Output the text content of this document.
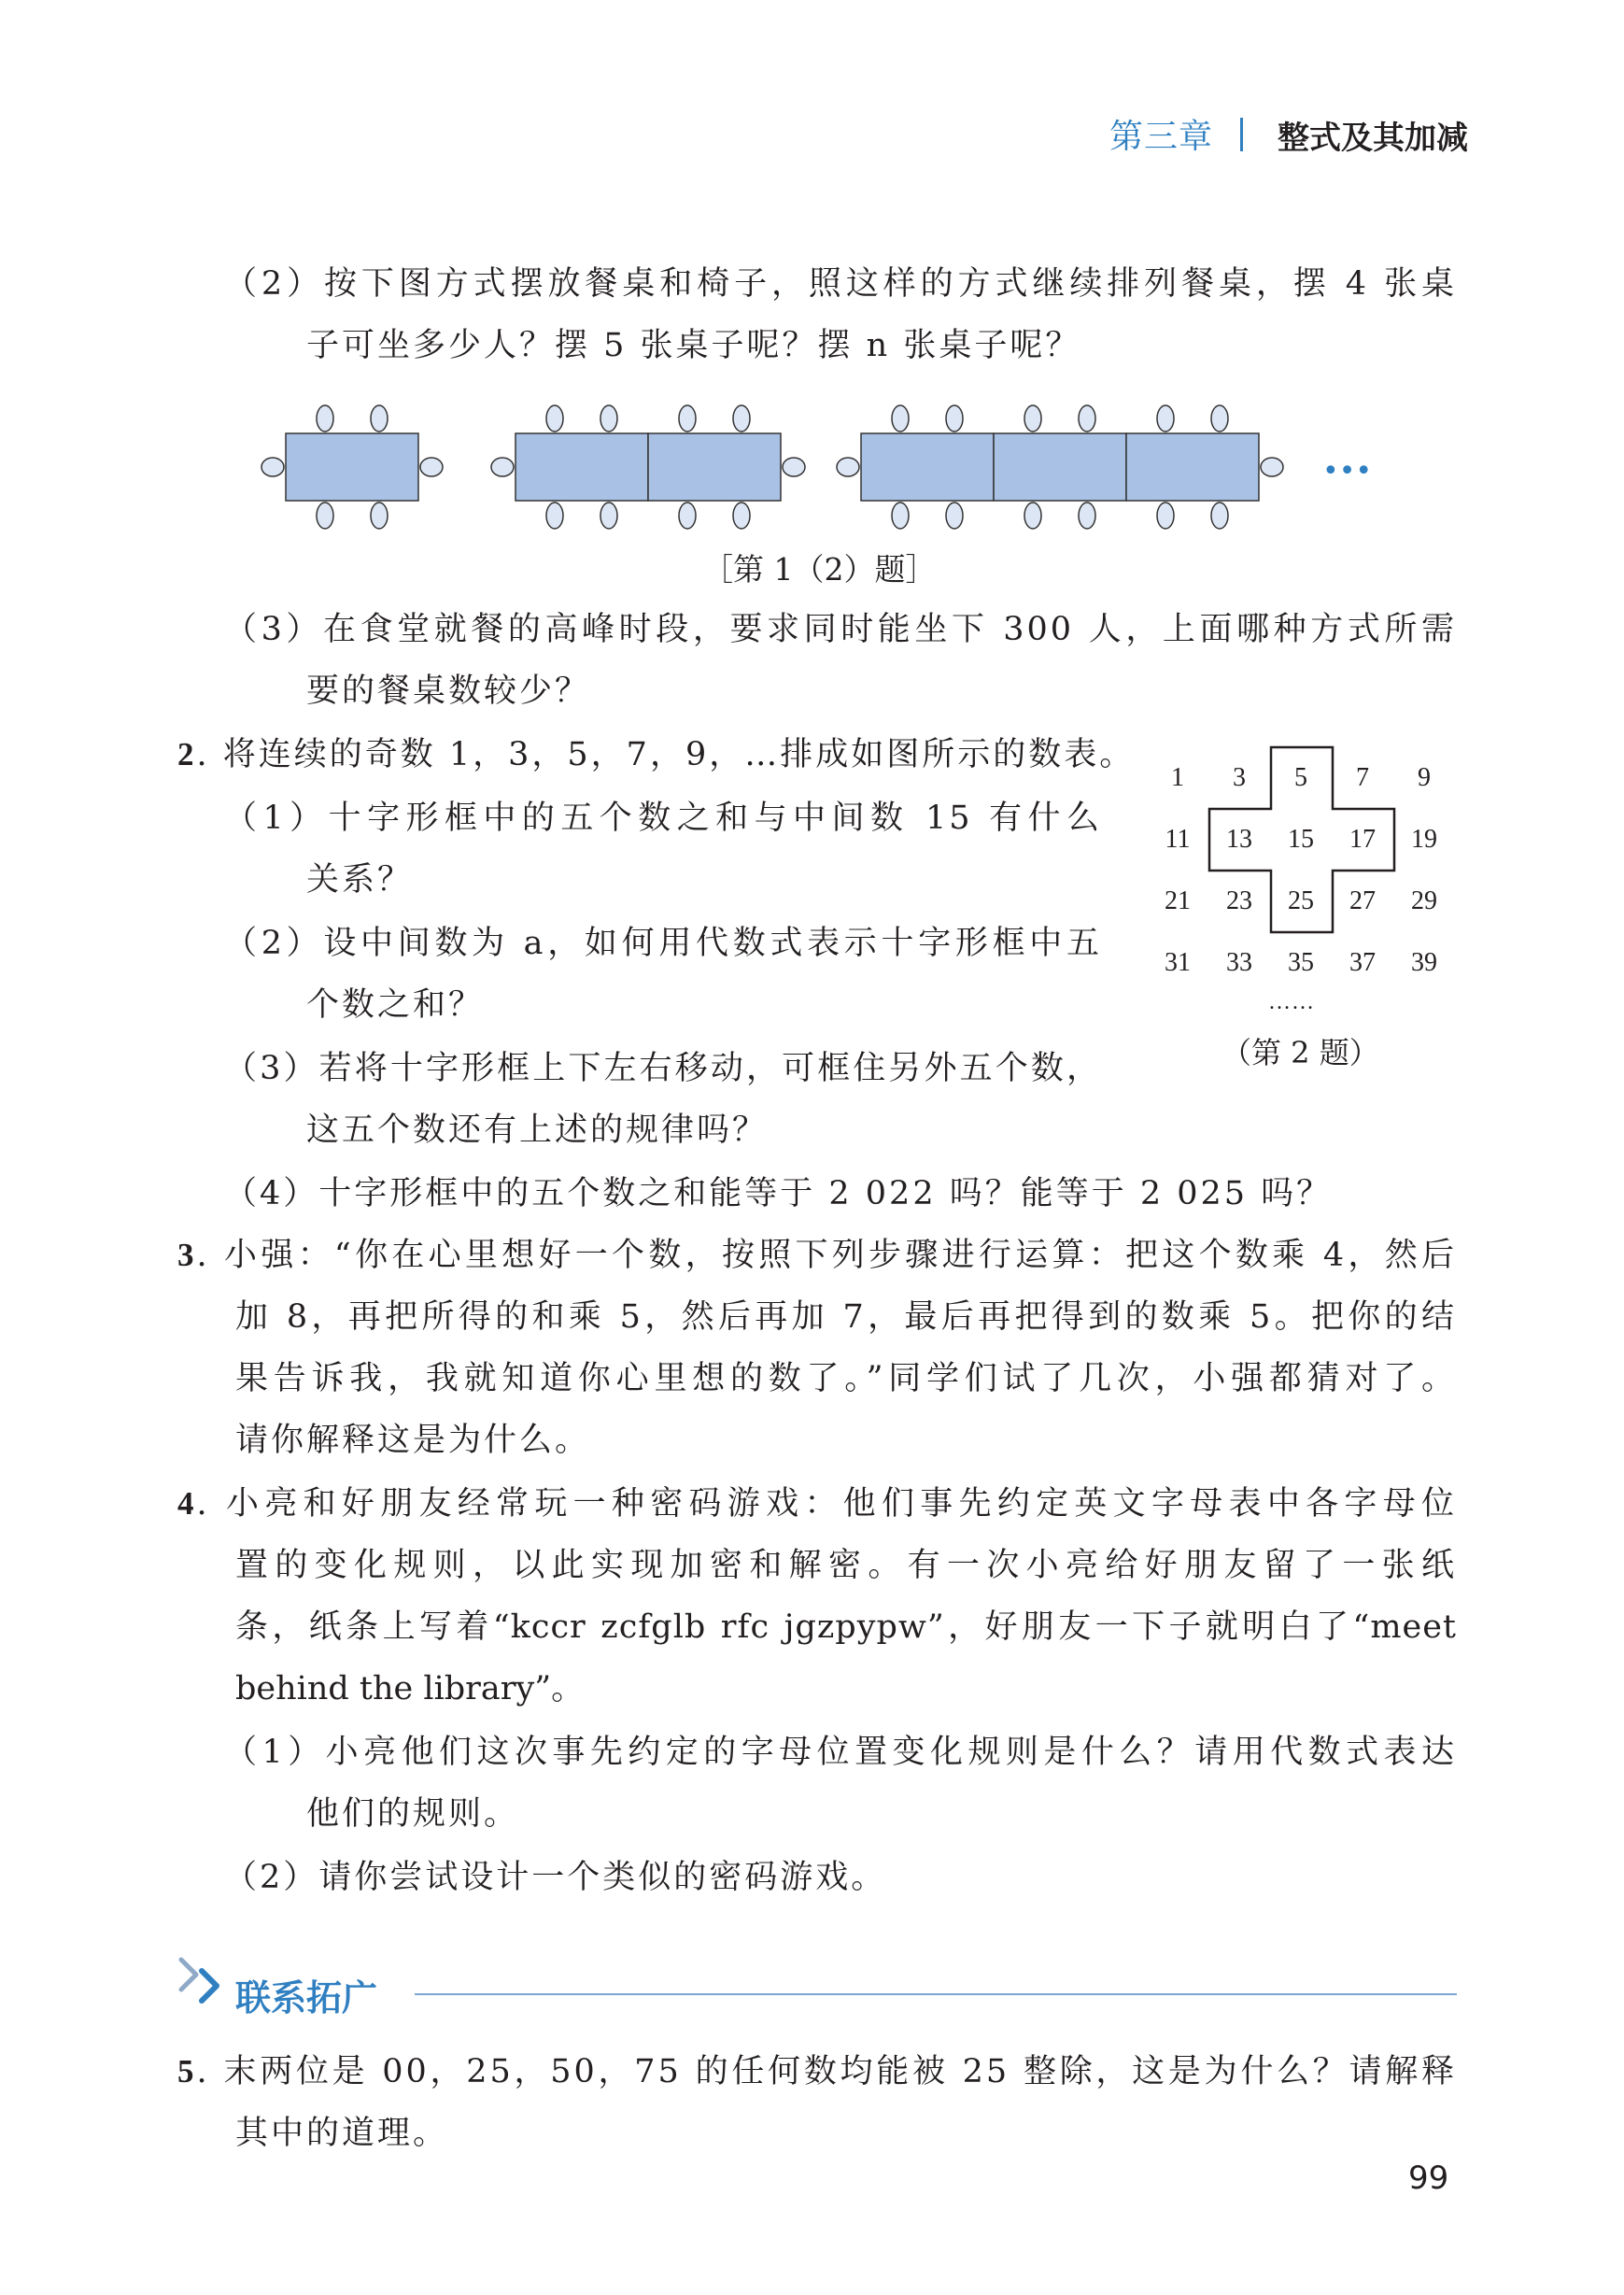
第三章 整式及其加减
（2）按下图方式摆放餐桌和椅子，照这样的方式继续排列餐桌，摆 4 张桌
子可坐多少人？摆 5 张桌子呢？摆 n 张桌子呢？
•••
［第 1（2）题］
（3）在食堂就餐的高峰时段，要求同时能坐下 300 人，上面哪种方式所需
要的餐桌数较少？
2. 将连续的奇数 1，3，5，7，9，…排成如图所示的数表。
（1）十字形框中的五个数之和与中间数 15 有什么
关系？
（2）设中间数为 a，如何用代数式表示十字形框中五
个数之和？
（3）若将十字形框上下左右移动，可框住另外五个数，
这五个数还有上述的规律吗？
（4）十字形框中的五个数之和能等于 2 022 吗？能等于 2 025 吗？
1	3	5	7	9
11	13	15	17	19
21	23	25	27	29
31	33	35	37	39
……
（第 2 题）
3. 小强：“你在心里想好一个数，按照下列步骤进行运算：把这个数乘 4，然后
加 8，再把所得的和乘 5，然后再加 7，最后再把得到的数乘 5。把你的结
果告诉我，我就知道你心里想的数了。”同学们试了几次，小强都猜对了。
请你解释这是为什么。
4. 小亮和好朋友经常玩一种密码游戏：他们事先约定英文字母表中各字母位
置的变化规则，以此实现加密和解密。有一次小亮给好朋友留了一张纸
条，纸条上写着“kccr zcfglb rfc jgzpypw”，好朋友一下子就明白了“meet
behind the library”。
（1）小亮他们这次事先约定的字母位置变化规则是什么？请用代数式表达
他们的规则。
（2）请你尝试设计一个类似的密码游戏。
联系拓广
5. 末两位是 00，25，50，75 的任何数均能被 25 整除，这是为什么？请解释
其中的道理。
99
